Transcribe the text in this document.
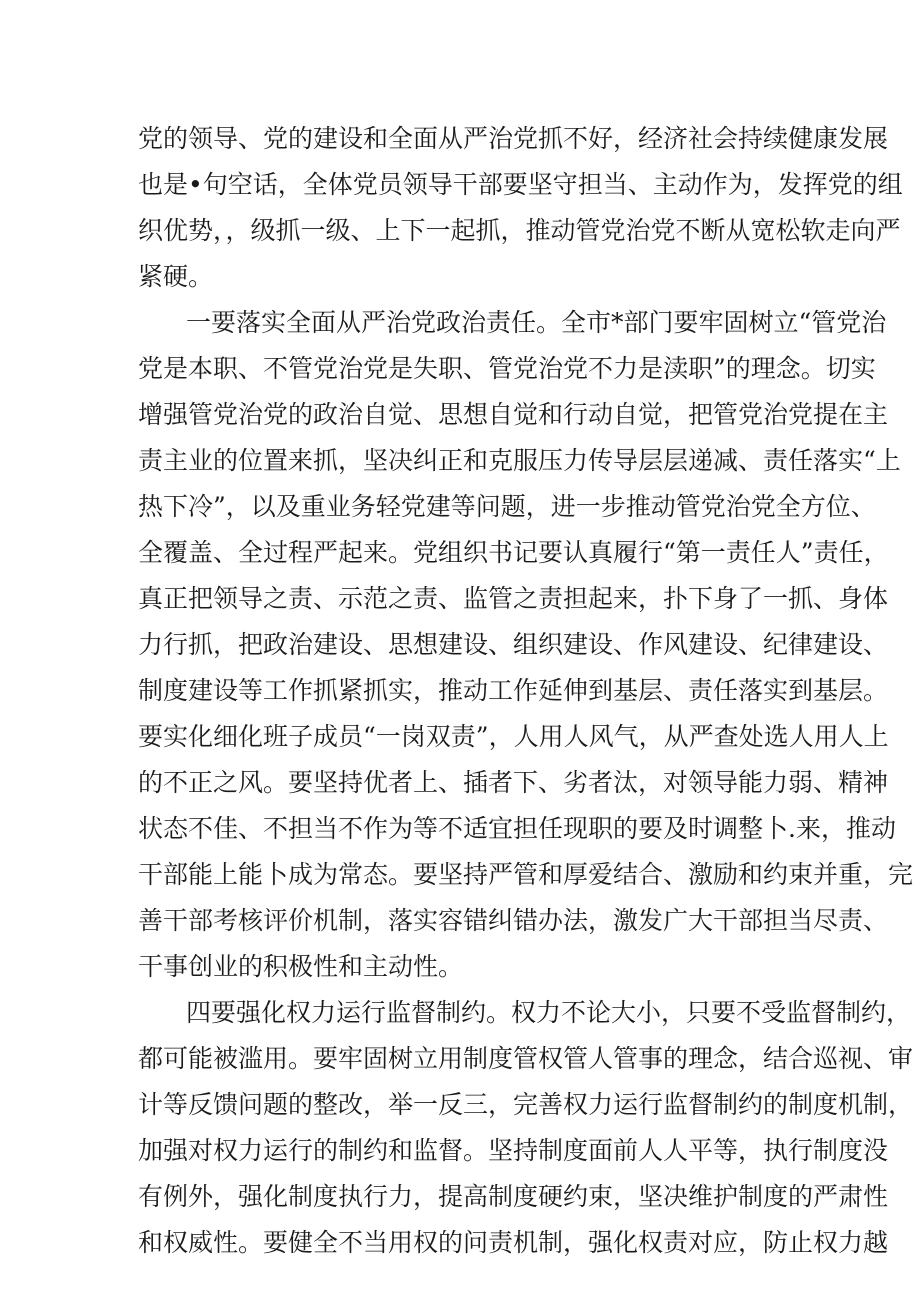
党的领导、党的建设和全面从严治党抓不好，经济社会持续健康发展

也是•句空话，全体党员领导干部要坚守担当、主动作为，发挥党的组

织优势，，级抓一级、上下一起抓，推动管党治党不断从宽松软走向严

紧硬。

一要落实全面从严治党政治责任。全市*部门要牢固树立“管党治

党是本职、不管党治党是失职、管党治党不力是渎职”的理念。切实

增强管党治党的政治自觉、思想自觉和行动自觉，把管党治党提在主

责主业的位置来抓，坚决纠正和克服压力传导层层递减、责任落实“上

热下冷”，以及重业务轻党建等问题，进一步推动管党治党全方位、

全覆盖、全过程严起来。党组织书记要认真履行“第一责任人”责任，

真正把领导之责、示范之责、监管之责担起来，扑下身了一抓、身体

力行抓，把政治建设、思想建设、组织建设、作风建设、纪律建设、

制度建设等工作抓紧抓实，推动工作延伸到基层、责任落实到基层。

要实化细化班子成员“一岗双责”，人用人风气，从严查处选人用人上

的不正之风。要坚持优者上、插者下、劣者汰，对领导能力弱、精神

状态不佳、不担当不作为等不适宜担任现职的要及时调整卜.来，推动

干部能上能卜成为常态。要坚持严管和厚爱结合、激励和约束并重，完

善干部考核评价机制，落实容错纠错办法，激发广大干部担当尽责、

干事创业的积极性和主动性。

四要强化权力运行监督制约。权力不论大小，只要不受监督制约，

都可能被滥用。要牢固树立用制度管权管人管事的理念，结合巡视、审

计等反馈问题的整改，举一反三，完善权力运行监督制约的制度机制，

加强对权力运行的制约和监督。坚持制度面前人人平等，执行制度没

有例外，强化制度执行力，提高制度硬约束，坚决维护制度的严肃性

和权威性。要健全不当用权的问责机制，强化权责对应，防止权力越
